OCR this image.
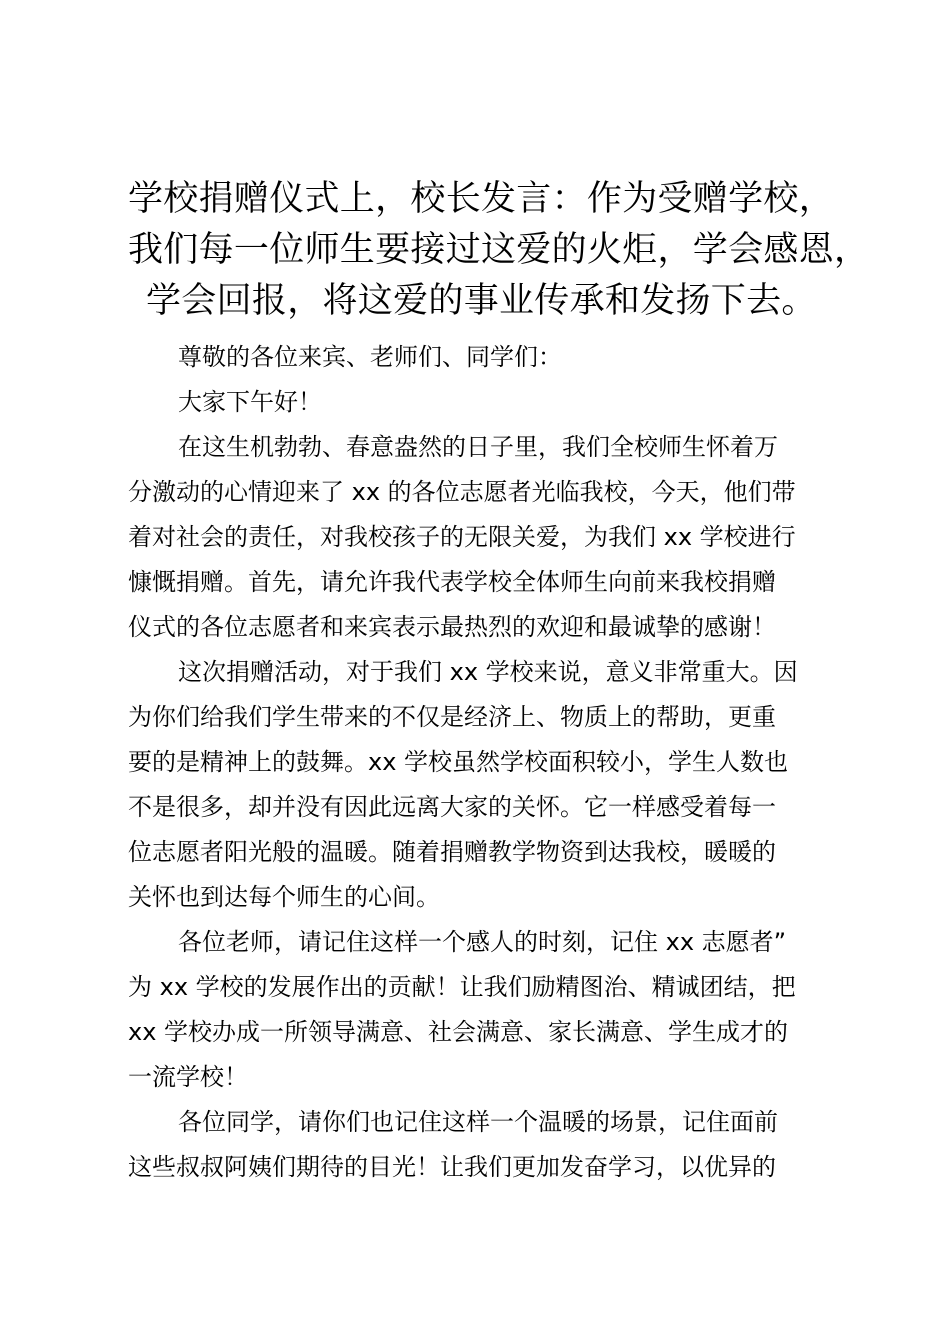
学校捐赠仪式上，校长发言：作为受赠学校，
我们每一位师生要接过这爱的火炬，学会感恩，
学会回报，将这爱的事业传承和发扬下去。
尊敬的各位来宾、老师们、同学们：
大家下午好！
在这生机勃勃、春意盎然的日子里，我们全校师生怀着万
分激动的心情迎来了 xx 的各位志愿者光临我校，今天，他们带
着对社会的责任，对我校孩子的无限关爱，为我们 xx 学校进行
慷慨捐赠。首先，请允许我代表学校全体师生向前来我校捐赠
仪式的各位志愿者和来宾表示最热烈的欢迎和最诚挚的感谢！
这次捐赠活动，对于我们 xx 学校来说，意义非常重大。因
为你们给我们学生带来的不仅是经济上、物质上的帮助，更重
要的是精神上的鼓舞。xx 学校虽然学校面积较小，学生人数也
不是很多，却并没有因此远离大家的关怀。它一样感受着每一
位志愿者阳光般的温暖。随着捐赠教学物资到达我校，暖暖的
关怀也到达每个师生的心间。
各位老师，请记住这样一个感人的时刻，记住 xx 志愿者”
为 xx 学校的发展作出的贡献！让我们励精图治、精诚团结，把
xx 学校办成一所领导满意、社会满意、家长满意、学生成才的
一流学校！
各位同学，请你们也记住这样一个温暖的场景，记住面前
这些叔叔阿姨们期待的目光！让我们更加发奋学习，以优异的
